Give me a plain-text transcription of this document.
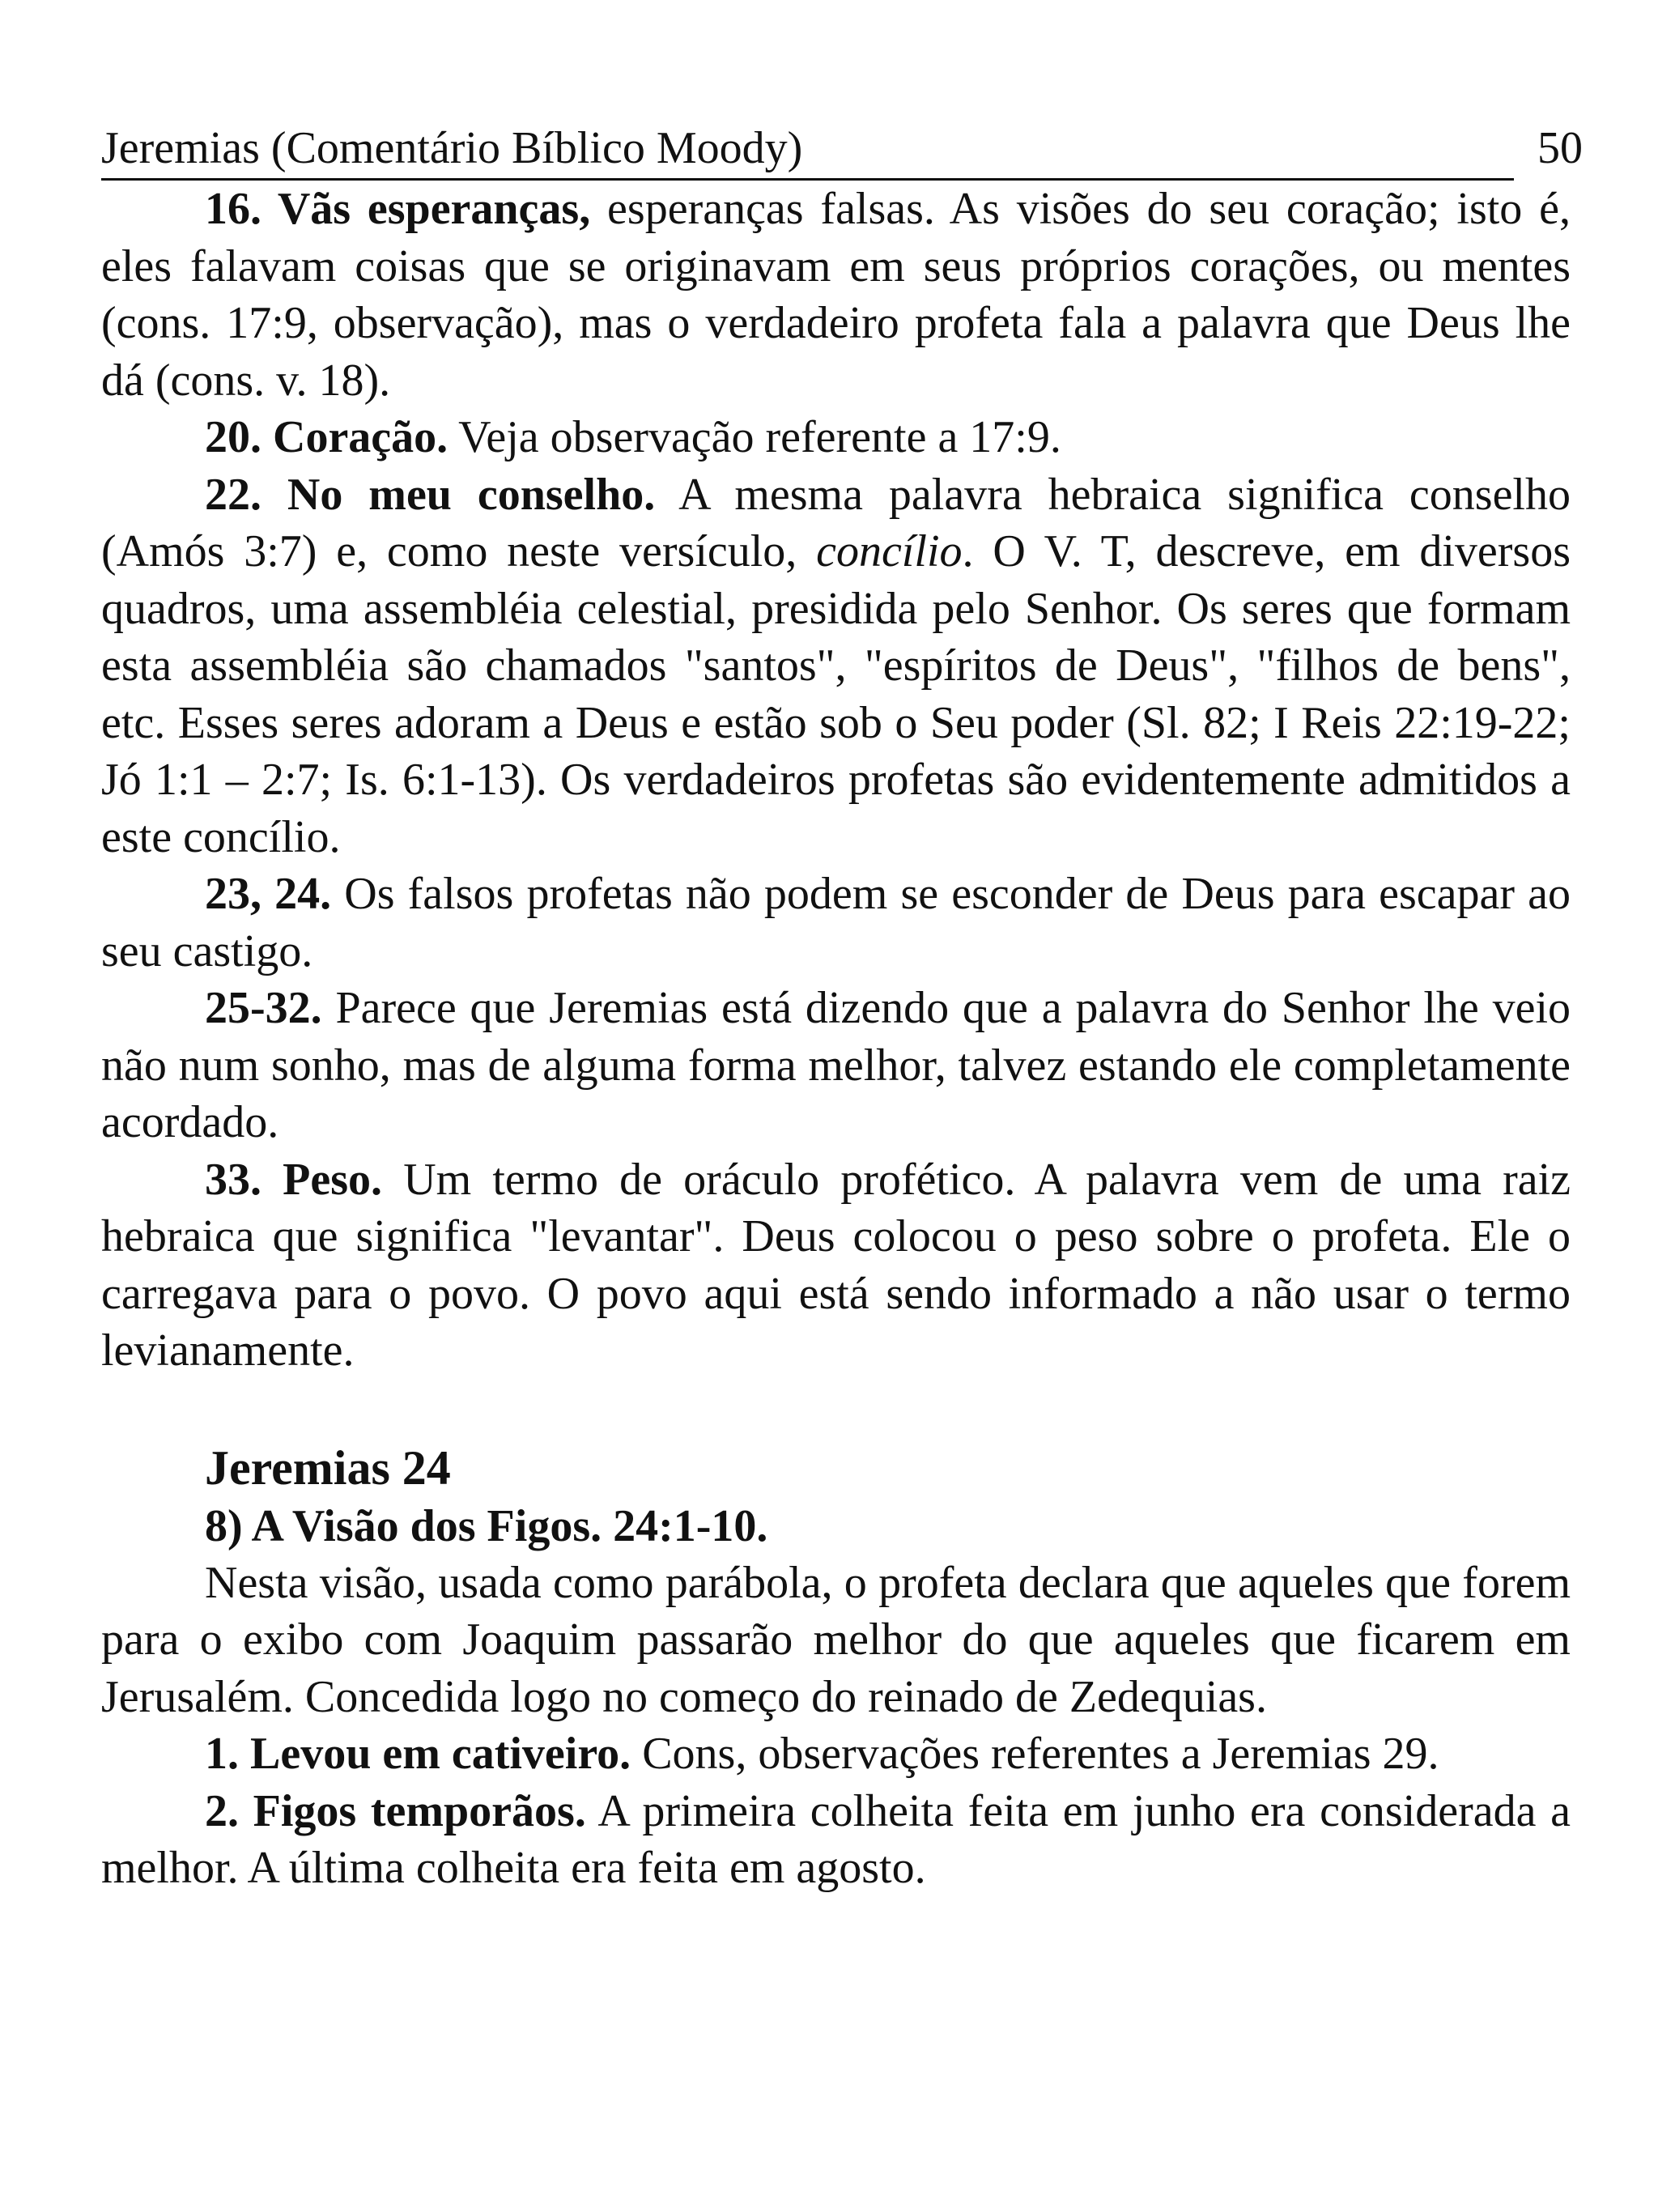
Jeremias (Comentário Bíblico Moody)	50

16. Vãs esperanças, esperanças falsas. As visões do seu coração; isto é, eles falavam coisas que se originavam em seus próprios corações, ou mentes (cons. 17:9, observação), mas o verdadeiro profeta fala a palavra que Deus lhe dá (cons. v. 18).

20. Coração. Veja observação referente a 17:9.

22. No meu conselho. A mesma palavra hebraica significa conselho (Amós 3:7) e, como neste versículo, concílio. O V. T, descreve, em diversos quadros, uma assembléia celestial, presidida pelo Senhor. Os seres que formam esta assembléia são chamados "santos", "espíritos de Deus", "filhos de bens", etc. Esses seres adoram a Deus e estão sob o Seu poder (Sl. 82; I Reis 22:19-22; Jó 1:1 – 2:7; Is. 6:1-13). Os verdadeiros profetas são evidentemente admitidos a este concílio.

23, 24. Os falsos profetas não podem se esconder de Deus para escapar ao seu castigo.

25-32. Parece que Jeremias está dizendo que a palavra do Senhor lhe veio não num sonho, mas de alguma forma melhor, talvez estando ele completamente acordado.

33. Peso. Um termo de oráculo profético. A palavra vem de uma raiz hebraica que significa "levantar". Deus colocou o peso sobre o profeta. Ele o carregava para o povo. O povo aqui está sendo informado a não usar o termo levianamente.

Jeremias 24
8) A Visão dos Figos. 24:1-10.

Nesta visão, usada como parábola, o profeta declara que aqueles que forem para o exibo com Joaquim passarão melhor do que aqueles que ficarem em Jerusalém. Concedida logo no começo do reinado de Zedequias.

1. Levou em cativeiro. Cons, observações referentes a Jeremias 29.

2. Figos temporãos. A primeira colheita feita em junho era considerada a melhor. A última colheita era feita em agosto.
